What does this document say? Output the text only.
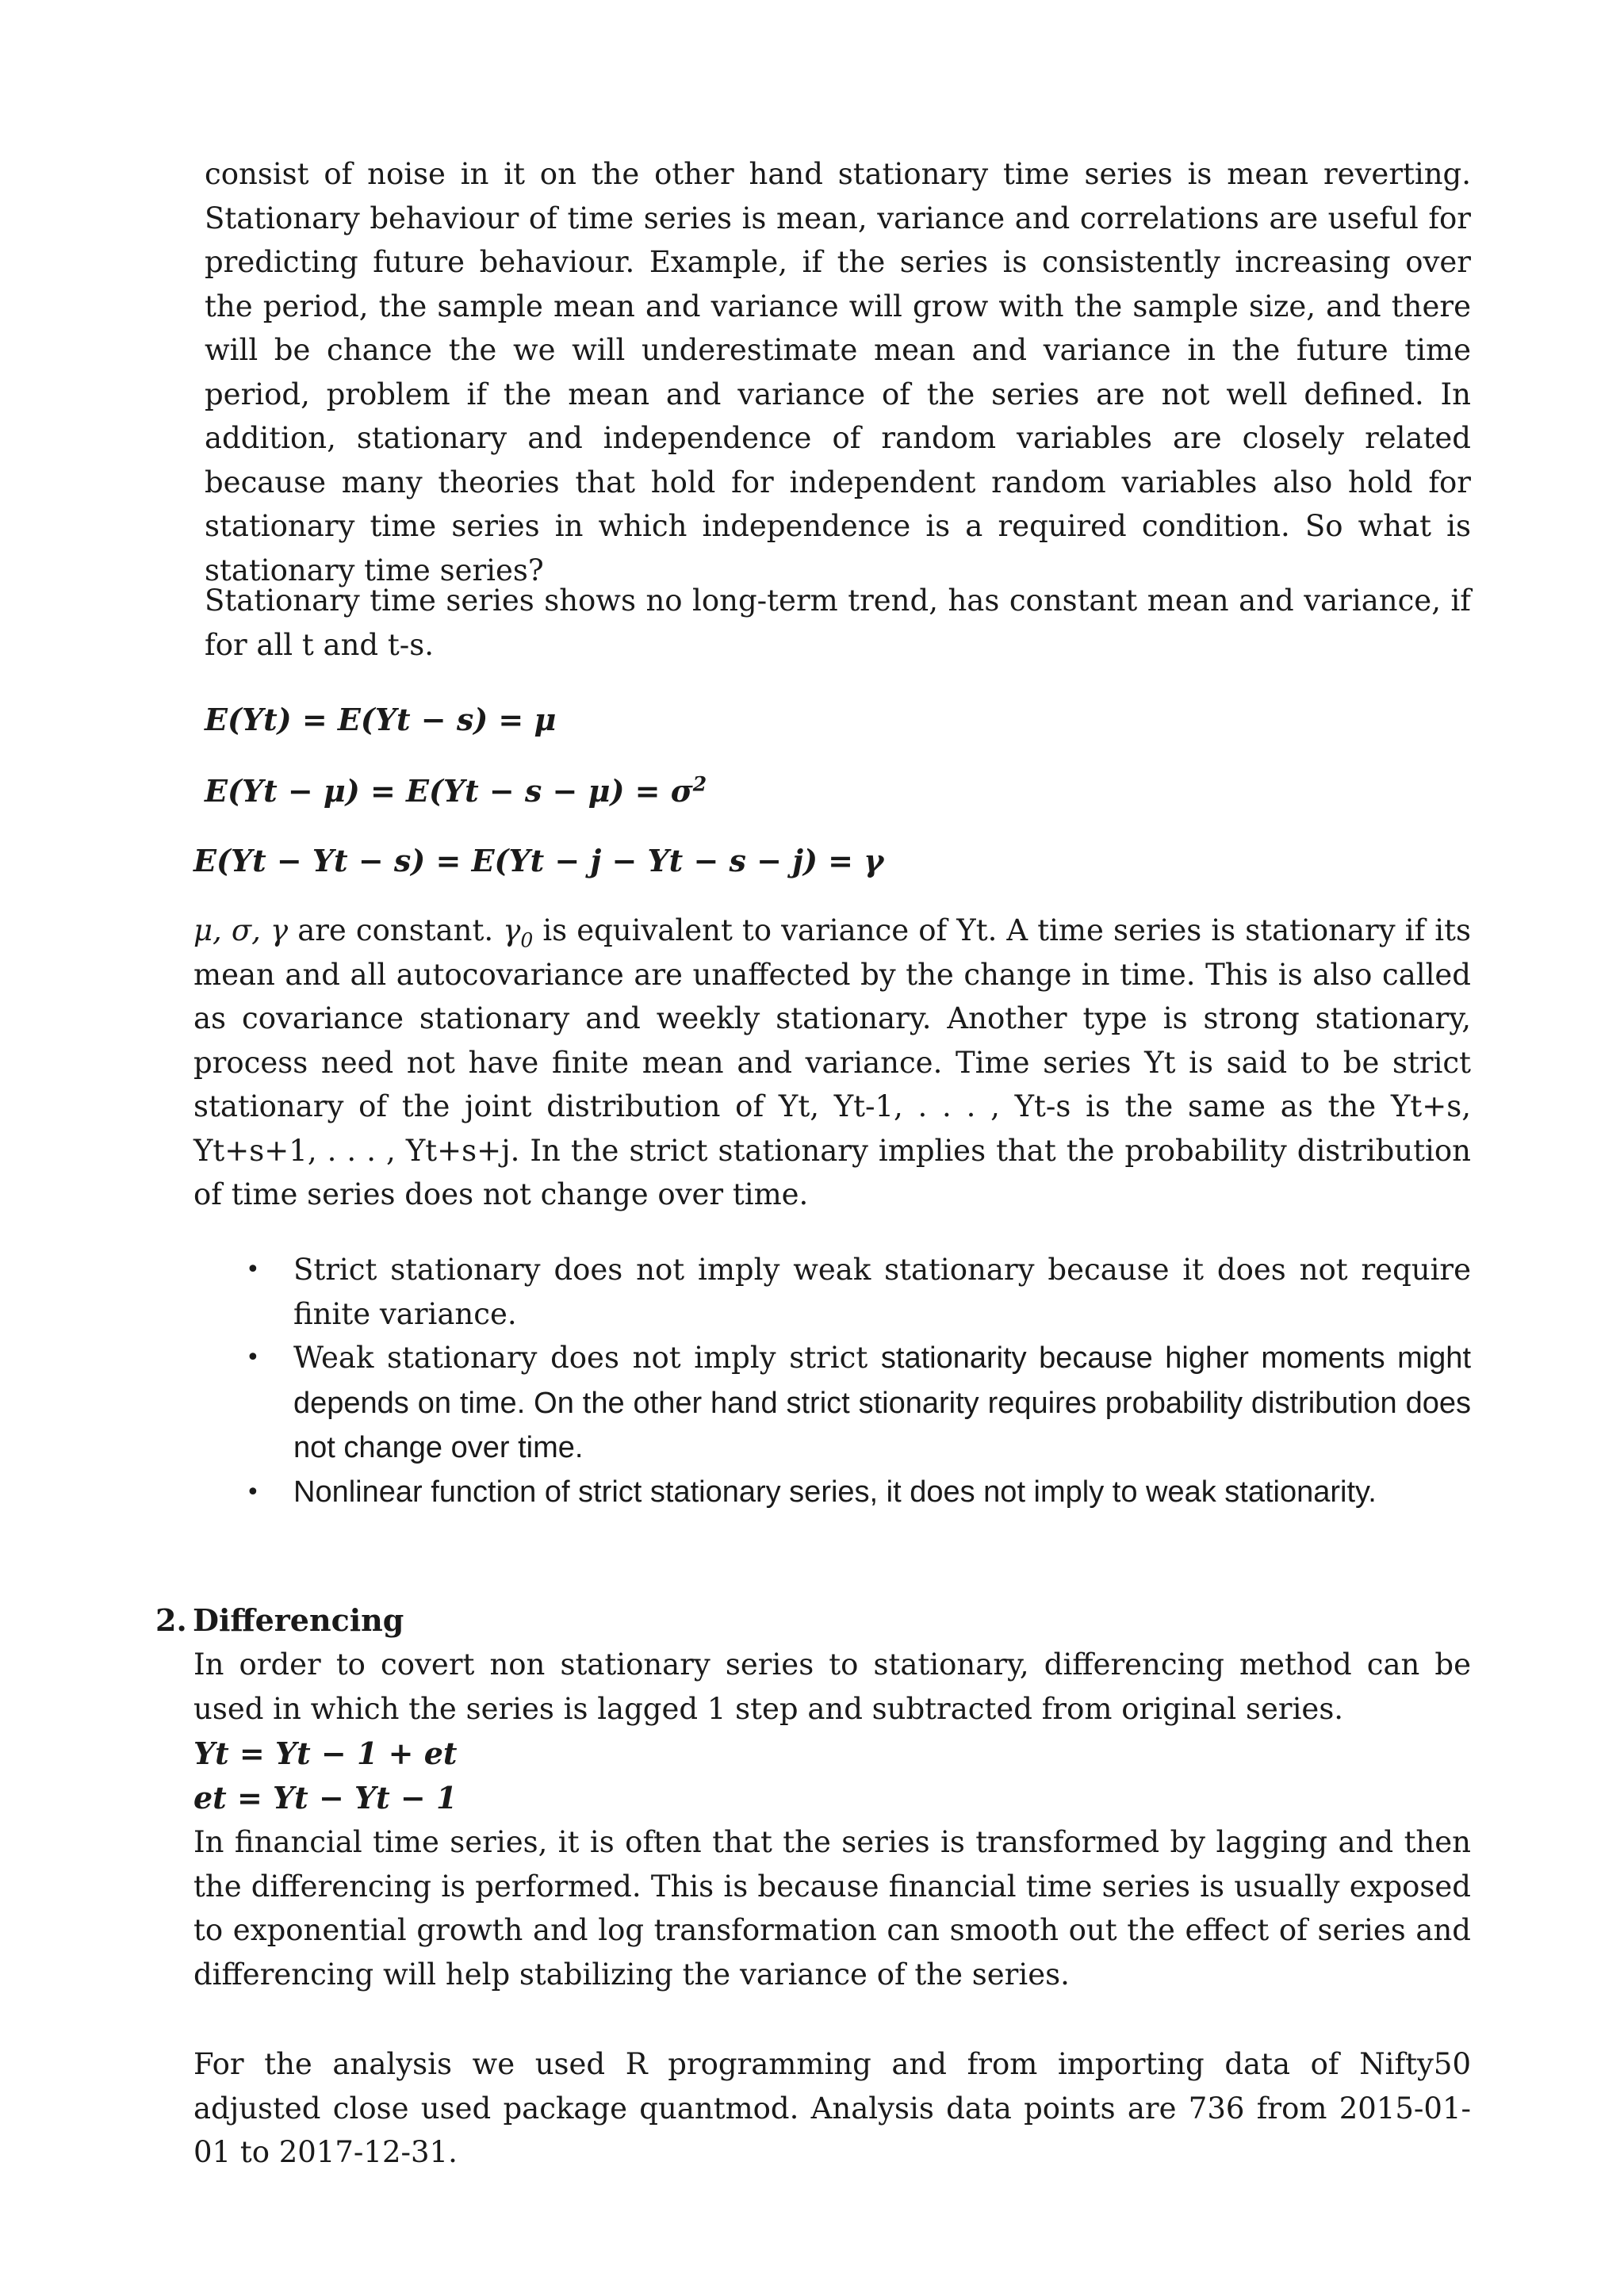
consist of noise in it on the other hand stationary time series is mean reverting. Stationary behaviour of time series is mean, variance and correlations are useful for predicting future behaviour. Example, if the series is consistently increasing over the period, the sample mean and variance will grow with the sample size, and there will be chance the we will underestimate mean and variance in the future time period, problem if the mean and variance of the series are not well defined. In addition, stationary and independence of random variables are closely related because many theories that hold for independent random variables also hold for stationary time series in which independence is a required condition. So what is stationary time series?

Stationary time series shows no long-term trend, has constant mean and variance, if for all t and t-s.

E(Yt) = E(Yt − s) = μ
$E(Yt - \mu) = E(Yt - s - \mu) = \sigma^2$
E(Yt − Yt − s) = E(Yt − j − Yt − s − j) = γ

μ, σ, γ are constant. $\gamma_0$ is equivalent to variance of Yt. A time series is stationary if its mean and all autocovariance are unaffected by the change in time. This is also called as covariance stationary and weekly stationary. Another type is strong stationary, process need not have finite mean and variance. Time series Yt is said to be strict stationary of the joint distribution of Yt, Yt-1, . . . , Yt-s is the same as the Yt+s, Yt+s+1, . . . , Yt+s+j. In the strict stationary implies that the probability distribution of time series does not change over time.

• Strict stationary does not imply weak stationary because it does not require finite variance.
• Weak stationary does not imply strict stationarity because higher moments might depends on time. On the other hand strict stionarity requires probability distribution does not change over time.
• Nonlinear function of strict stationary series, it does not imply to weak stationarity.
2. Differencing

In order to covert non stationary series to stationary, differencing method can be used in which the series is lagged 1 step and subtracted from original series.

Yt = Yt − 1 + et
et = Yt − Yt − 1

In financial time series, it is often that the series is transformed by lagging and then the differencing is performed. This is because financial time series is usually exposed to exponential growth and log transformation can smooth out the effect of series and differencing will help stabilizing the variance of the series.

For the analysis we used R programming and from importing data of Nifty50 adjusted close used package quantmod. Analysis data points are 736 from 2015-01-01 to 2017-12-31.
